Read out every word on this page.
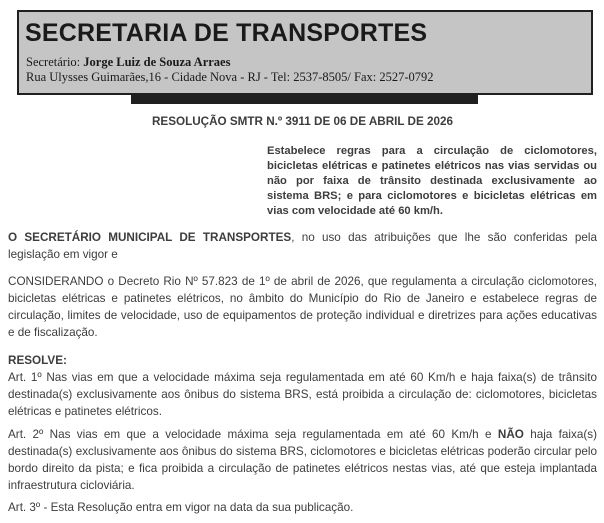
SECRETARIA DE TRANSPORTES
Secretário: Jorge Luiz de Souza Arraes
Rua Ulysses Guimarães,16 - Cidade Nova - RJ - Tel: 2537-8505/ Fax: 2527-0792
RESOLUÇÃO SMTR N.º 3911 DE 06 DE ABRIL DE 2026
Estabelece regras para a circulação de ciclomotores, bicicletas elétricas e patinetes elétricos nas vias servidas ou não por faixa de trânsito destinada exclusivamente ao sistema BRS; e para ciclomotores e bicicletas elétricas em vias com velocidade até 60 km/h.

O SECRETÁRIO MUNICIPAL DE TRANSPORTES, no uso das atribuições que lhe são conferidas pela legislação em vigor e

CONSIDERANDO o Decreto Rio Nº 57.823 de 1º de abril de 2026, que regulamenta a circulação ciclomotores, bicicletas elétricas e patinetes elétricos, no âmbito do Município do Rio de Janeiro e estabelece regras de circulação, limites de velocidade, uso de equipamentos de proteção individual e diretrizes para ações educativas e de fiscalização.

RESOLVE:

Art. 1º Nas vias em que a velocidade máxima seja regulamentada em até 60 Km/h e haja faixa(s) de trânsito destinada(s) exclusivamente aos ônibus do sistema BRS, está proibida a circulação de: ciclomotores, bicicletas elétricas e patinetes elétricos.

Art. 2º Nas vias em que a velocidade máxima seja regulamentada em até 60 Km/h e NÃO haja faixa(s) destinada(s) exclusivamente aos ônibus do sistema BRS, ciclomotores e bicicletas elétricas poderão circular pelo bordo direito da pista; e fica proibida a circulação de patinetes elétricos nestas vias, até que esteja implantada infraestrutura cicloviária.

Art. 3º - Esta Resolução entra em vigor na data da sua publicação.
